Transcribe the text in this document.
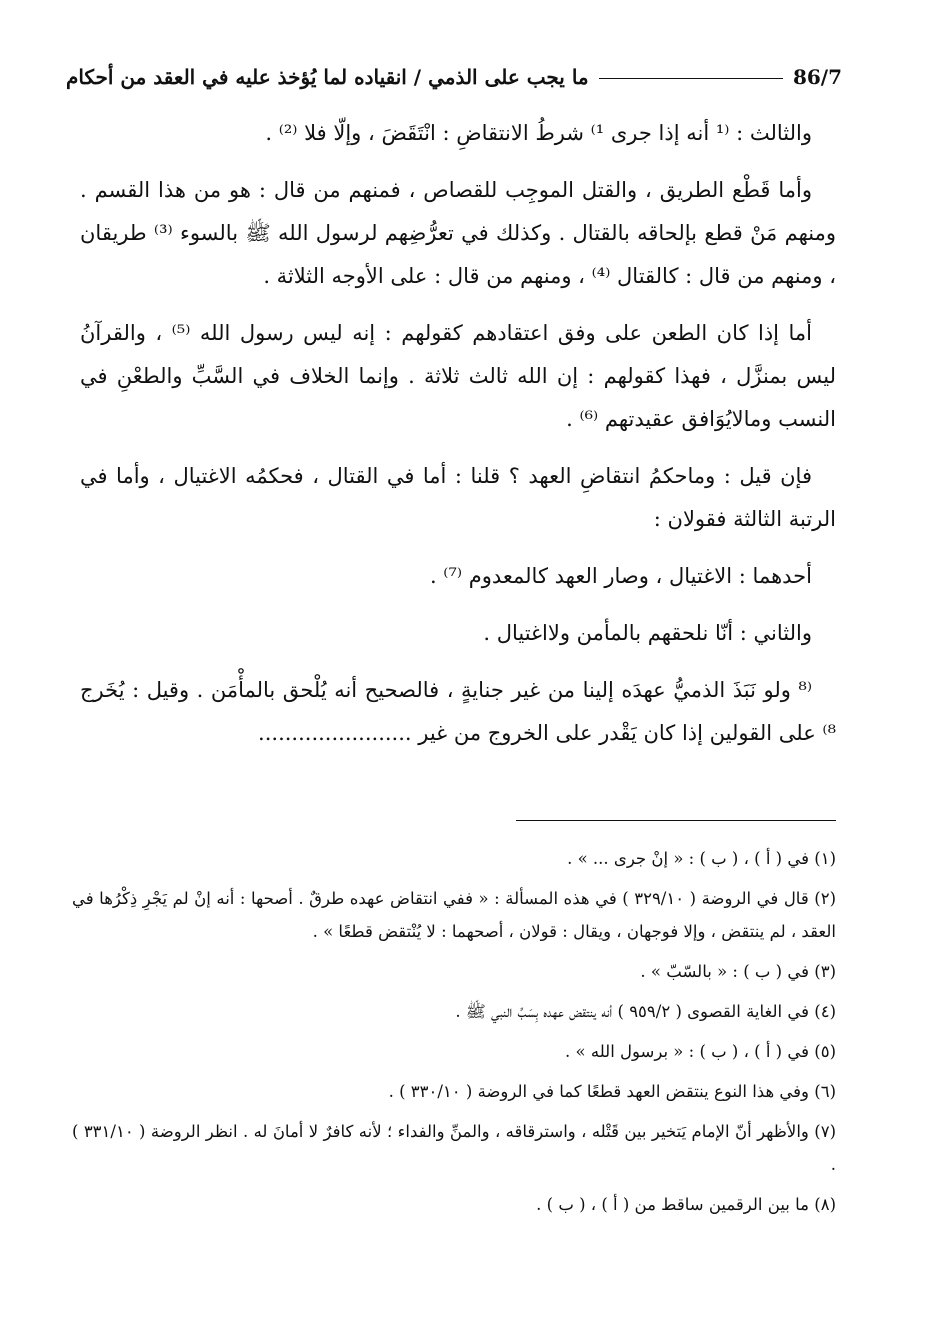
86/7
ما يجب على الذمي / انقياده لما يُؤخذ عليه في العقد من أحكام

والثالث : ⁽¹ أنه إذا جرى ¹⁾ شرطُ الانتقاضِ : انْتَقَضَ ، وإلّا فلا ⁽²⁾ .

وأما قَطْع الطريق ، والقتل الموجِب للقصاص ، فمنهم من قال : هو من هذا القسم . ومنهم مَنْ قطع بإلحاقه بالقتال . وكذلك في تعرُّضِهم لرسول الله ﷺ بالسوء ⁽³⁾ طريقان ، ومنهم من قال : كالقتال ⁽⁴⁾ ، ومنهم من قال : على الأوجه الثلاثة .

أما إذا كان الطعن على وفق اعتقادهم كقولهم : إنه ليس رسول الله ⁽⁵⁾ ، والقرآنُ ليس بمنزَّل ، فهذا كقولهم : إن الله ثالث ثلاثة . وإنما الخلاف في السَّبِّ والطعْنِ في النسب ومالايُوَافق عقيدتهم ⁽⁶⁾ .

فإن قيل : وماحكمُ انتقاضِ العهد ؟ قلنا : أما في القتال ، فحكمُه الاغتيال ، وأما في الرتبة الثالثة فقولان :

أحدهما : الاغتيال ، وصار العهد كالمعدوم ⁽⁷⁾ .

والثاني : أنّا نلحقهم بالمأمن ولااغتيال .

⁽⁸ ولو نَبَذَ الذميُّ عهدَه إلينا من غير جنايةٍ ، فالصحيح أنه يُلْحق بالمأْمَن . وقيل : يُخَرج ⁸⁾ على القولين إذا كان يَقْدر على الخروج من غير .......................

(١) في ( أ ) ، ( ب ) : « إنْ جرى ... » .

(٢) قال في الروضة ( ٣٢٩/١٠ ) في هذه المسألة : « ففي انتقاض عهده طرقٌ . أصحها : أنه إنْ لم يَجْرِ ذِكْرُها في العقد ، لم ينتقض ، وإلا فوجهان ، ويقال : قولان ، أصحهما : لا يُنْتقض قطعًا » .

(٣) في ( ب ) : « بالسّبّ » .

(٤) في الغاية القصوى ( ٩٥٩/٢ ) أنه ينتقض عهده بِسَبِّ النبي ﷺ .

(٥) في ( أ ) ، ( ب ) : « برسول الله » .

(٦) وفي هذا النوع ينتقض العهد قطعًا كما في الروضة ( ٣٣٠/١٠ ) .

(٧) والأظهر أنّ الإمام يَتخير بين قَتْله ، واسترقاقه ، والمنِّ والفداء ؛ لأنه كافرٌ لا أمانَ له . انظر الروضة ( ٣٣١/١٠ ) .

(٨) ما بين الرقمين ساقط من ( أ ) ، ( ب ) .
